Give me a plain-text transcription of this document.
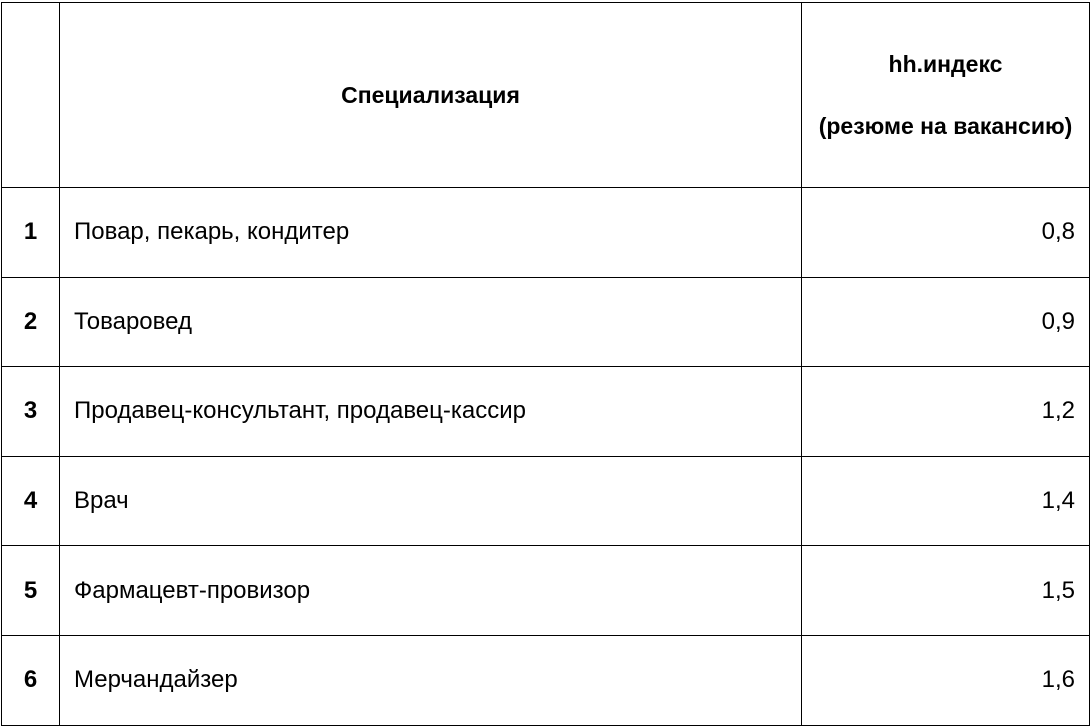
	Специализация	hh.индекс
(резюме на вакансию)

1	Повар, пекарь, кондитер	0,8
2	Товаровед	0,9
3	Продавец-консультант, продавец-кассир	1,2
4	Врач	1,4
5	Фармацевт-провизор	1,5
6	Мерчандайзер	1,6
